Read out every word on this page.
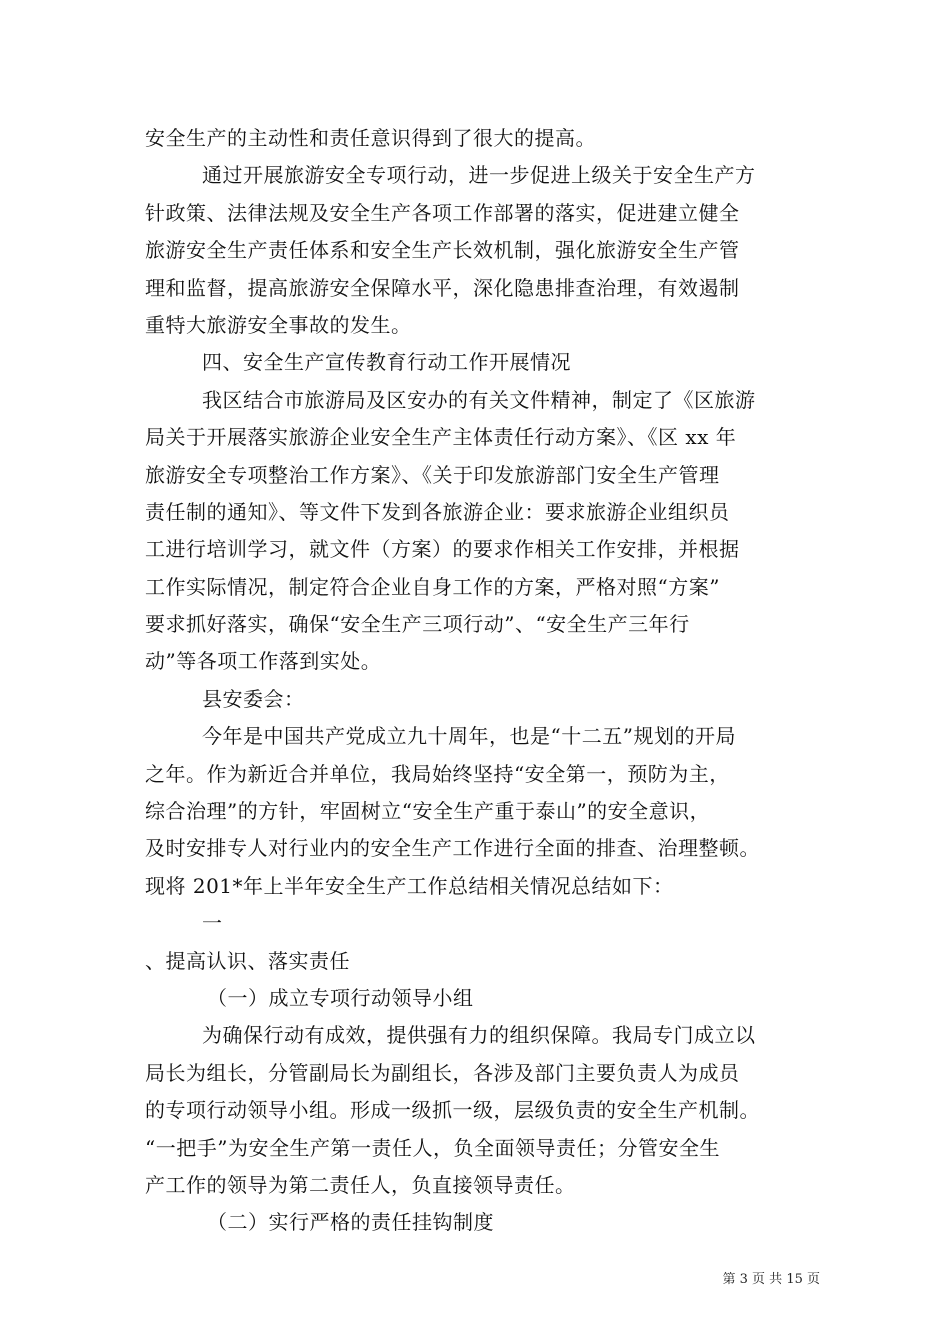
安全生产的主动性和责任意识得到了很大的提高。
通过开展旅游安全专项行动，进一步促进上级关于安全生产方
针政策、法律法规及安全生产各项工作部署的落实，促进建立健全
旅游安全生产责任体系和安全生产长效机制，强化旅游安全生产管
理和监督，提高旅游安全保障水平，深化隐患排查治理，有效遏制
重特大旅游安全事故的发生。
四、安全生产宣传教育行动工作开展情况
我区结合市旅游局及区安办的有关文件精神，制定了《区旅游
局关于开展落实旅游企业安全生产主体责任行动方案》、《区 xx 年
旅游安全专项整治工作方案》、《关于印发旅游部门安全生产管理
责任制的通知》、等文件下发到各旅游企业：要求旅游企业组织员
工进行培训学习，就文件（方案）的要求作相关工作安排，并根据
工作实际情况，制定符合企业自身工作的方案，严格对照“方案”
要求抓好落实，确保“安全生产三项行动”、“安全生产三年行
动”等各项工作落到实处。
县安委会：
今年是中国共产党成立九十周年，也是“十二五”规划的开局
之年。作为新近合并单位，我局始终坚持“安全第一，预防为主，
综合治理”的方针，牢固树立“安全生产重于泰山”的安全意识，
及时安排专人对行业内的安全生产工作进行全面的排查、治理整顿。
现将 201*年上半年安全生产工作总结相关情况总结如下：
一
、提高认识、落实责任
（一）成立专项行动领导小组
为确保行动有成效，提供强有力的组织保障。我局专门成立以
局长为组长，分管副局长为副组长，各涉及部门主要负责人为成员
的专项行动领导小组。形成一级抓一级，层级负责的安全生产机制。
“一把手”为安全生产第一责任人，负全面领导责任；分管安全生
产工作的领导为第二责任人，负直接领导责任。
（二）实行严格的责任挂钩制度
第 3 页 共 15 页
